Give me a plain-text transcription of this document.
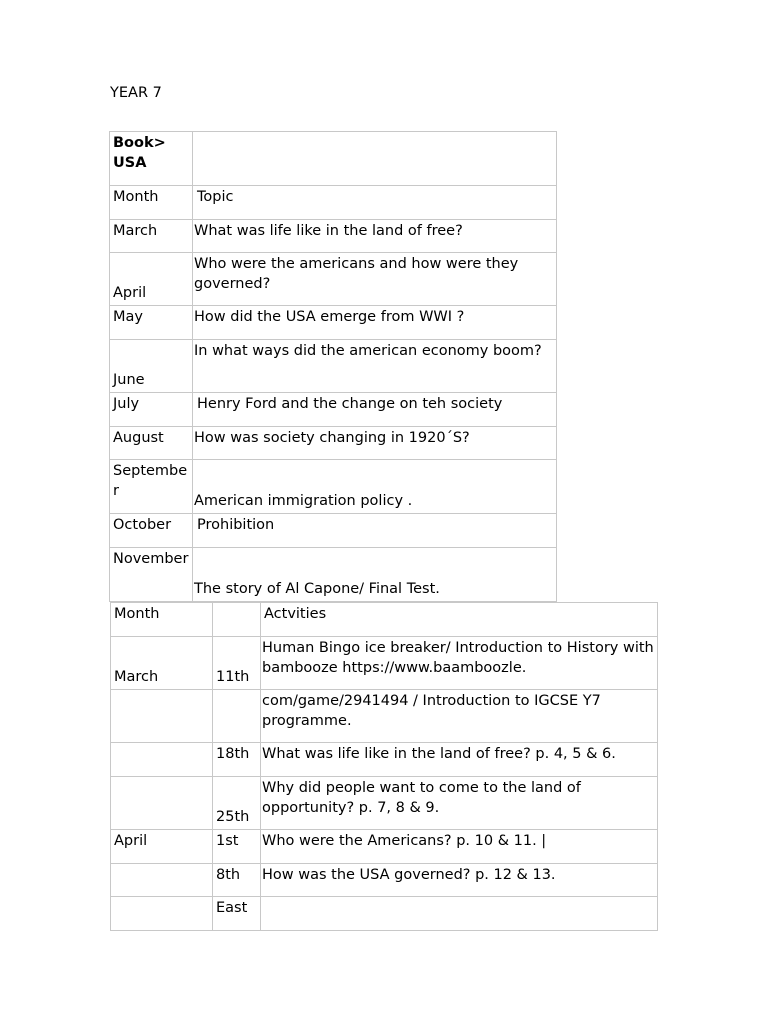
YEAR 7
Book> USA	
Month	Topic
March	What was life like in the land of free?
April	Who were the americans and how were they governed?
May	How did the USA emerge from WWI ?
June	In what ways did the american economy boom?
July	Henry Ford and the change on teh society
August	How was society changing in 1920´S?
September	American immigration policy .
October	Prohibition
November	The story of Al Capone/ Final Test.
Month		Actvities
March	11th	Human Bingo ice breaker/ Introduction to History with bambooze https://www.baamboozle.
		com/game/2941494 / Introduction to IGCSE Y7 programme.
	18th	What was life like in the land of free? p. 4, 5 & 6.
	25th	Why did people want to come to the land of opportunity? p. 7, 8 & 9.
April	1st	Who were the Americans? p. 10 & 11. |
	8th	How was the USA governed? p. 12 & 13.
	East	
